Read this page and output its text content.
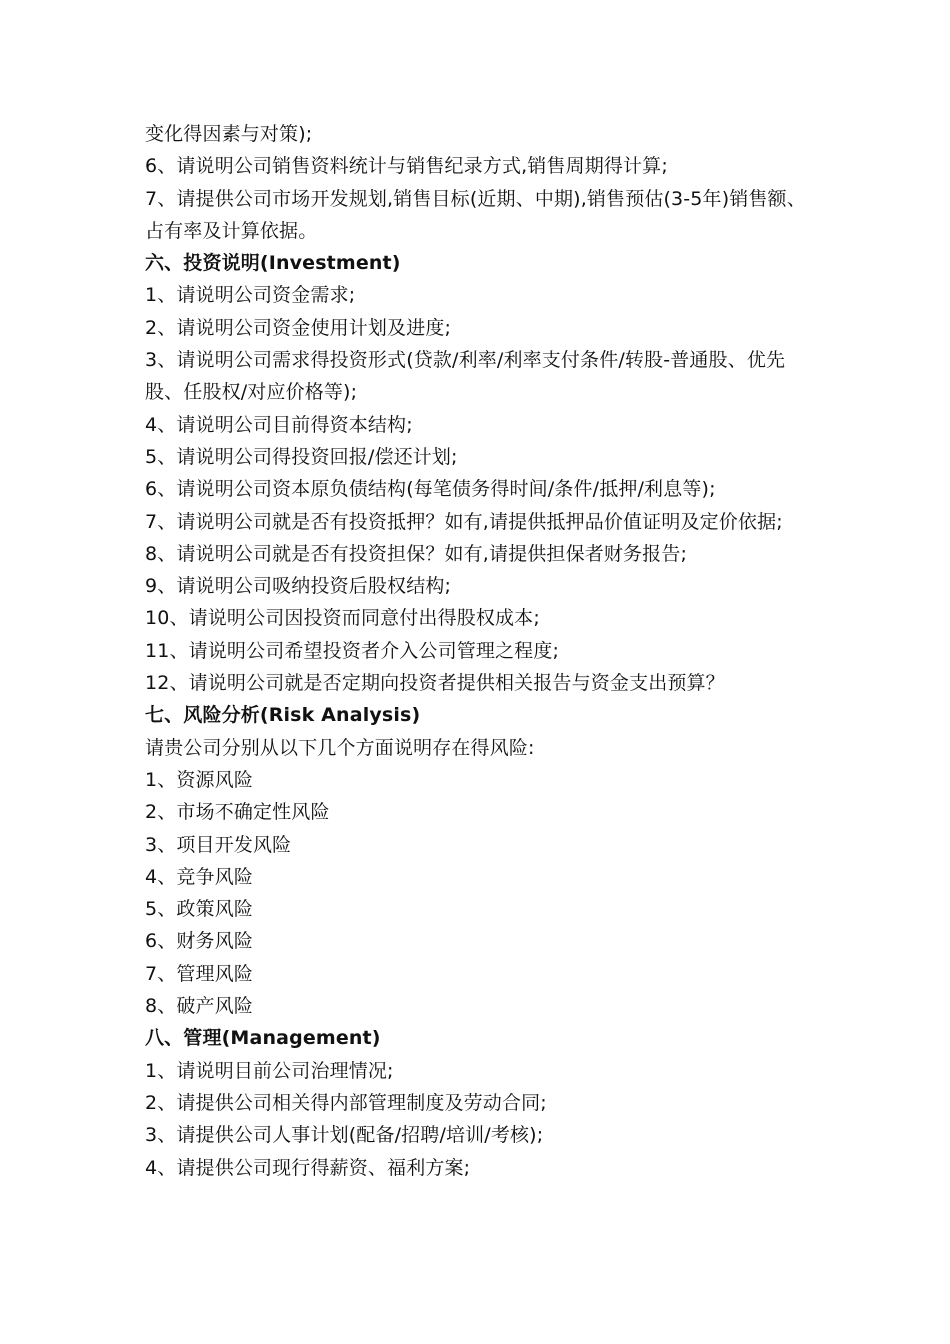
变化得因素与对策);
6、请说明公司销售资料统计与销售纪录方式,销售周期得计算;
7、请提供公司市场开发规划,销售目标(近期、中期),销售预估(3-5年)销售额、占有率及计算依据。
六、投资说明(Investment)
1、请说明公司资金需求;
2、请说明公司资金使用计划及进度;
3、请说明公司需求得投资形式(贷款/利率/利率支付条件/转股-普通股、优先股、任股权/对应价格等);
4、请说明公司目前得资本结构;
5、请说明公司得投资回报/偿还计划;
6、请说明公司资本原负债结构(每笔债务得时间/条件/抵押/利息等);
7、请说明公司就是否有投资抵押？如有,请提供抵押品价值证明及定价依据;
8、请说明公司就是否有投资担保？如有,请提供担保者财务报告;
9、请说明公司吸纳投资后股权结构;
10、请说明公司因投资而同意付出得股权成本;
11、请说明公司希望投资者介入公司管理之程度;
12、请说明公司就是否定期向投资者提供相关报告与资金支出预算？
七、风险分析(Risk Analysis)
请贵公司分别从以下几个方面说明存在得风险:
1、资源风险
2、市场不确定性风险
3、项目开发风险
4、竞争风险
5、政策风险
6、财务风险
7、管理风险
8、破产风险
八、管理(Management)
1、请说明目前公司治理情况;
2、请提供公司相关得内部管理制度及劳动合同;
3、请提供公司人事计划(配备/招聘/培训/考核);
4、请提供公司现行得薪资、福利方案;
